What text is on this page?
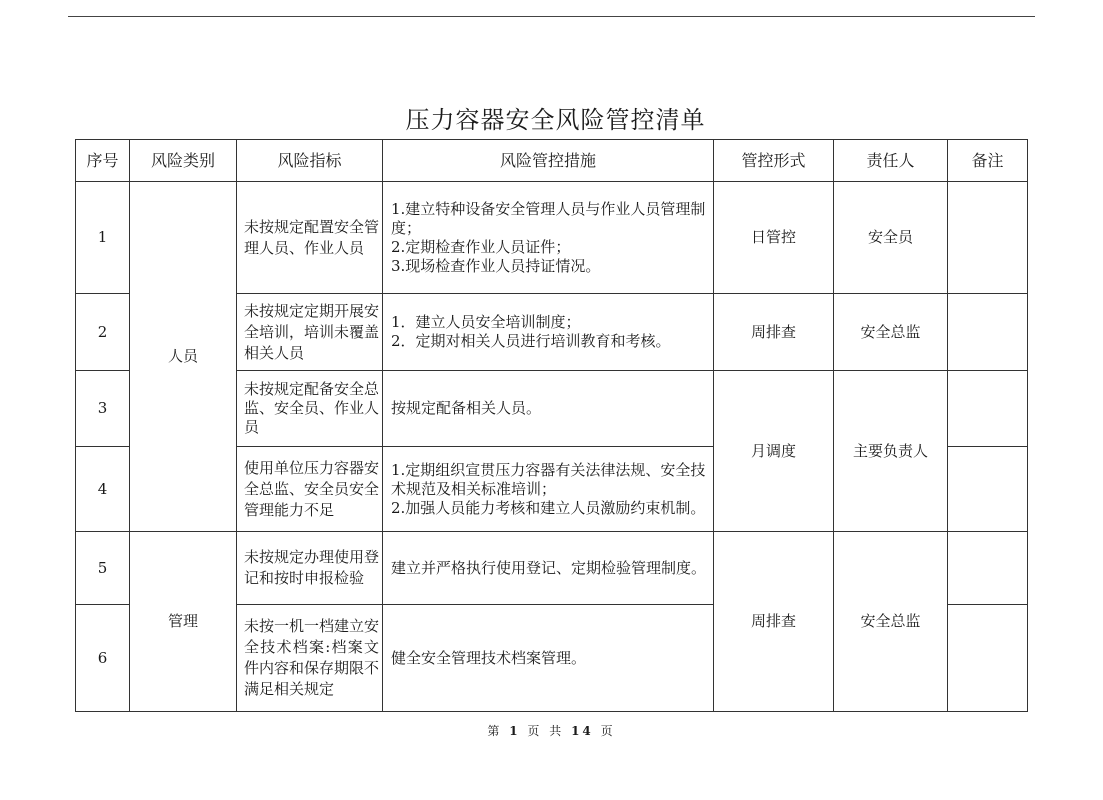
压力容器安全风险管控清单
序号	风险类别	风险指标	风险管控措施	管控形式	责任人	备注
1	人员	未按规定配置安全管理人员、作业人员	1.建立特种设备安全管理人员与作业人员管理制度；
2.定期检查作业人员证件；
3.现场检查作业人员持证情况。	日管控	安全员	
2		未按规定定期开展安全培训，培训未覆盖相关人员	1．建立人员安全培训制度；
2．定期对相关人员进行培训教育和考核。	周排查	安全总监	
3		未按规定配备安全总监、安全员、作业人员	按规定配备相关人员。	月调度	主要负责人	
4		使用单位压力容器安全总监、安全员安全管理能力不足	1.定期组织宣贯压力容器有关法律法规、安全技术规范及相关标准培训；
2.加强人员能力考核和建立人员激励约束机制。			

5	管理	未按规定办理使用登记和按时申报检验	建立并严格执行使用登记、定期检验管理制度。	周排查	安全总监	
6		未按一机一档建立安全技术档案:档案文件内容和保存期限不满足相关规定	健全安全管理技术档案管理。			

第 1 页 共 14 页
